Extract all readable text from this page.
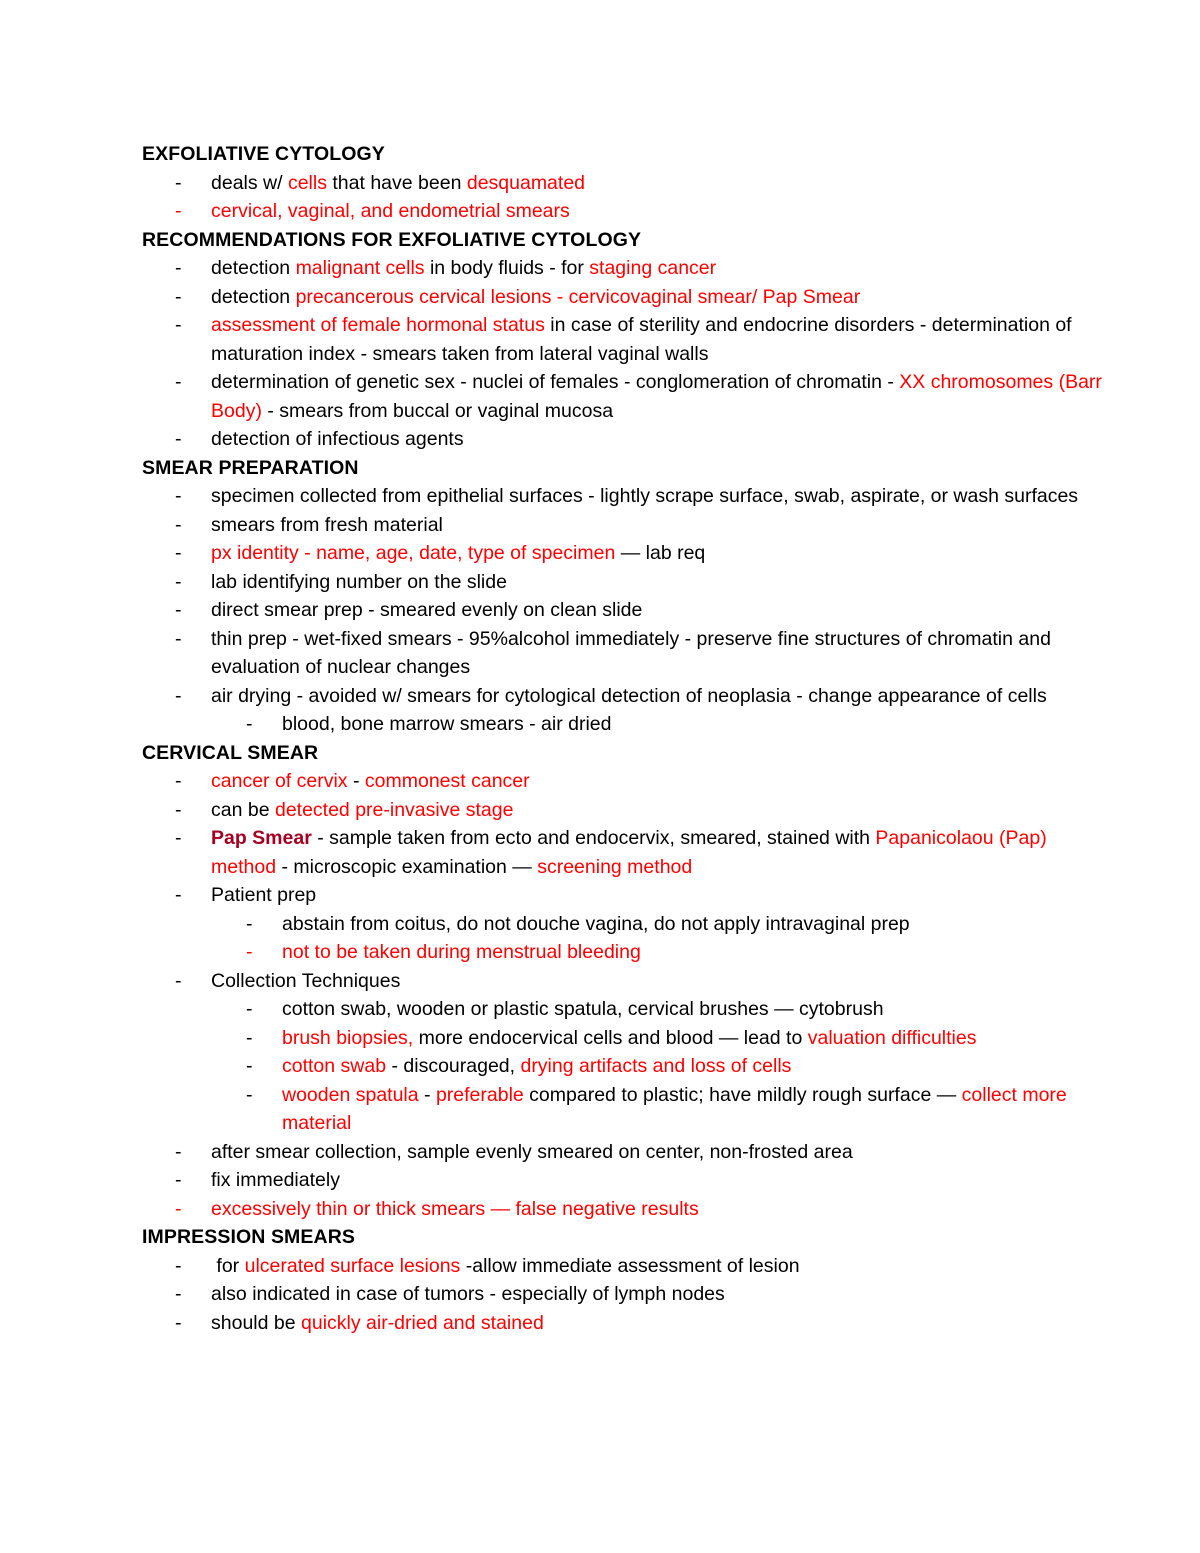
EXFOLIATIVE CYTOLOGY
- deals w/ cells that have been desquamated
- cervical, vaginal, and endometrial smears
RECOMMENDATIONS FOR EXFOLIATIVE CYTOLOGY
- detection malignant cells in body fluids - for staging cancer
- detection precancerous cervical lesions - cervicovaginal smear/ Pap Smear
- assessment of female hormonal status in case of sterility and endocrine disorders - determination of maturation index - smears taken from lateral vaginal walls
- determination of genetic sex - nuclei of females - conglomeration of chromatin - XX chromosomes (Barr Body) - smears from buccal or vaginal mucosa
- detection of infectious agents
SMEAR PREPARATION
- specimen collected from epithelial surfaces - lightly scrape surface, swab, aspirate, or wash surfaces
- smears from fresh material
- px identity - name, age, date, type of specimen — lab req
- lab identifying number on the slide
- direct smear prep - smeared evenly on clean slide
- thin prep - wet-fixed smears - 95%alcohol immediately - preserve fine structures of chromatin and evaluation of nuclear changes
- air drying - avoided w/ smears for cytological detection of neoplasia - change appearance of cells
- blood, bone marrow smears - air dried
CERVICAL SMEAR
- cancer of cervix - commonest cancer
- can be detected pre-invasive stage
- Pap Smear - sample taken from ecto and endocervix, smeared, stained with Papanicolaou (Pap) method - microscopic examination — screening method
- Patient prep
- abstain from coitus, do not douche vagina, do not apply intravaginal prep
- not to be taken during menstrual bleeding
- Collection Techniques
- cotton swab, wooden or plastic spatula, cervical brushes — cytobrush
- brush biopsies, more endocervical cells and blood — lead to valuation difficulties
- cotton swab - discouraged, drying artifacts and loss of cells
- wooden spatula - preferable compared to plastic; have mildly rough surface — collect more material
- after smear collection, sample evenly smeared on center, non-frosted area
- fix immediately
- excessively thin or thick smears — false negative results
IMPRESSION SMEARS
- for ulcerated surface lesions -allow immediate assessment of lesion
- also indicated in case of tumors - especially of lymph nodes
- should be quickly air-dried and stained
